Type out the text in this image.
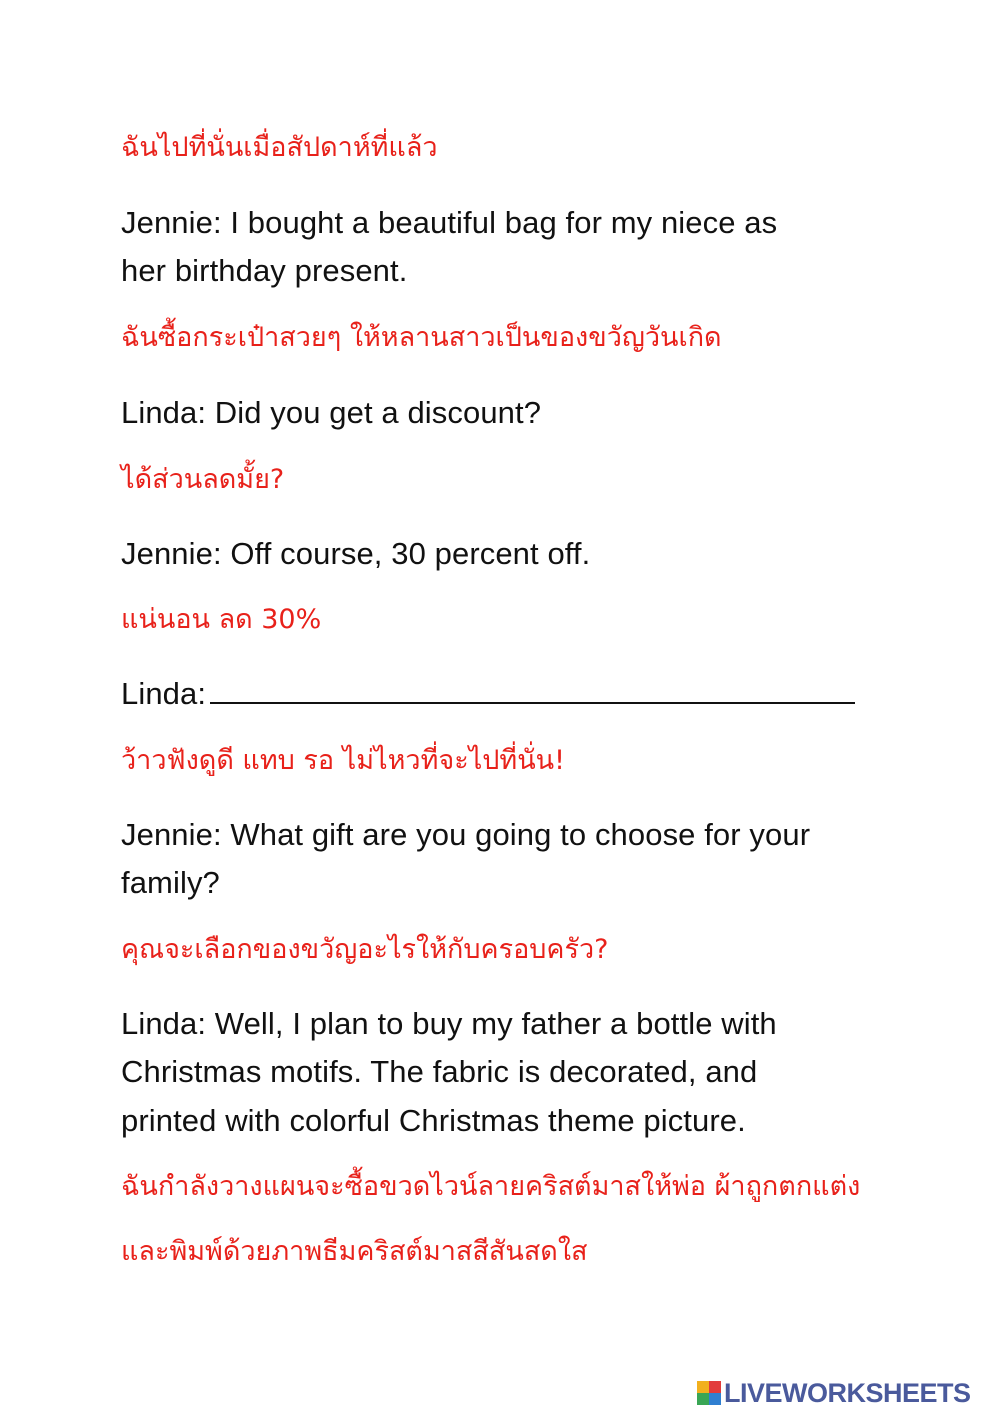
ฉันไปที่นั่นเมื่อสัปดาห์ที่แล้ว

Jennie: I bought a beautiful bag for my niece as

her birthday present.

ฉันซื้อกระเป๋าสวยๆ ให้หลานสาวเป็นของขวัญวันเกิด

Linda: Did you get a discount?

ได้ส่วนลดมั้ย?

Jennie: Off course, 30 percent off.

แน่นอน ลด 30%

Linda:

ว้าวฟังดูดี แทบ รอ ไม่ไหวที่จะไปที่นั่น!

Jennie: What gift are you going to choose for your

family?

คุณจะเลือกของขวัญอะไรให้กับครอบครัว?

Linda: Well, I plan to buy my father a bottle with

Christmas motifs. The fabric is decorated, and

printed with colorful Christmas theme picture.

ฉันกำลังวางแผนจะซื้อขวดไวน์ลายคริสต์มาสให้พ่อ ผ้าถูกตกแต่ง

และพิมพ์ด้วยภาพธีมคริสต์มาสสีสันสดใส

LIVEWORKSHEETS
